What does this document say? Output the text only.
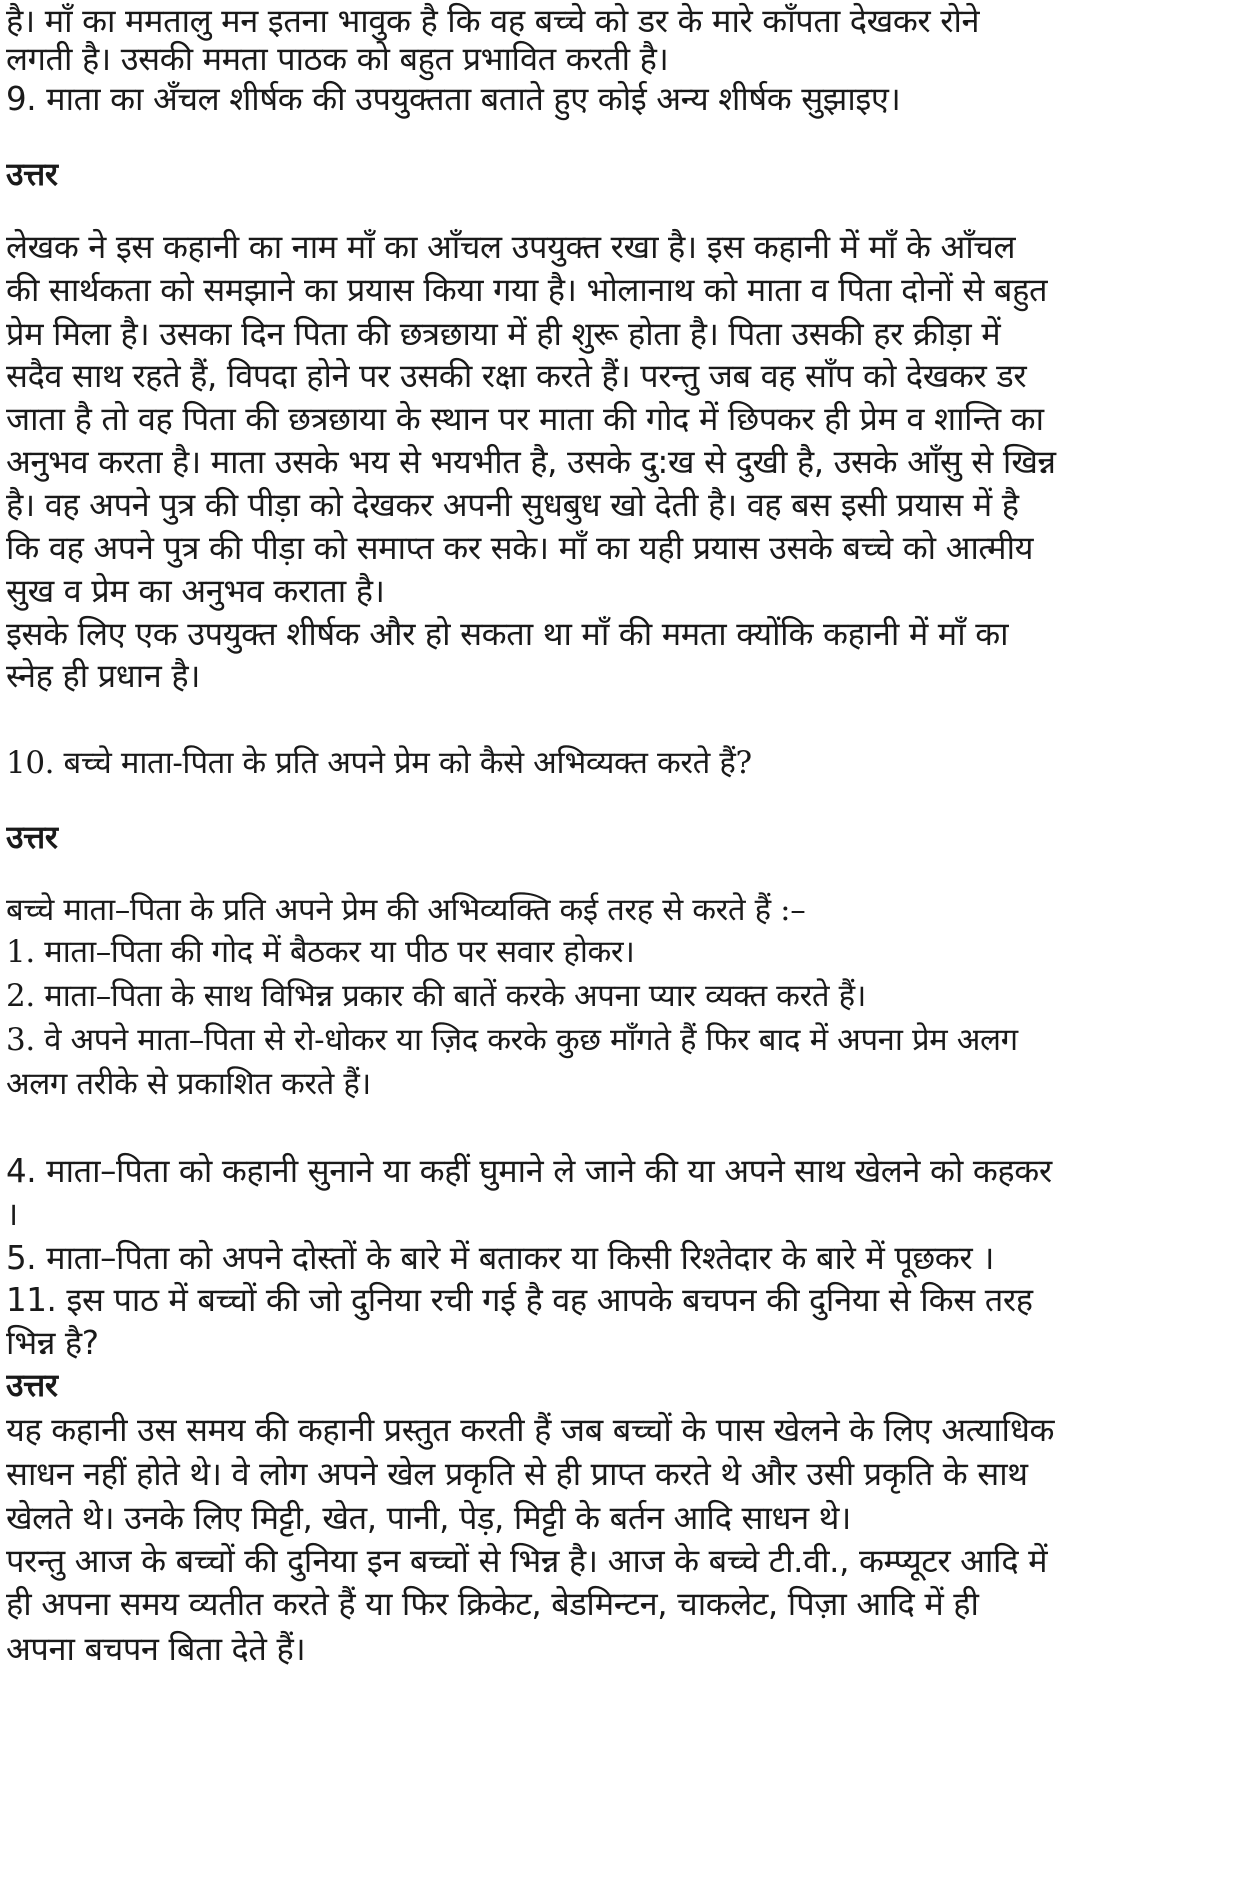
है। माँ का ममतालु मन इतना भावुक है कि वह बच्चे को डर के मारे काँपता देखकर रोने
लगती है। उसकी ममता पाठक को बहुत प्रभावित करती है।
9. माता का अँचल शीर्षक की उपयुक्तता बताते हुए कोई अन्य शीर्षक सुझाइए।
उत्तर
लेखक ने इस कहानी का नाम माँ का आँचल उपयुक्त रखा है। इस कहानी में माँ के आँचल
की सार्थकता को समझाने का प्रयास किया गया है। भोलानाथ को माता व पिता दोनों से बहुत
प्रेम मिला है। उसका दिन पिता की छत्रछाया में ही शुरू होता है। पिता उसकी हर क्रीड़ा में
सदैव साथ रहते हैं, विपदा होने पर उसकी रक्षा करते हैं। परन्तु जब वह साँप को देखकर डर
जाता है तो वह पिता की छत्रछाया के स्थान पर माता की गोद में छिपकर ही प्रेम व शान्ति का
अनुभव करता है। माता उसके भय से भयभीत है, उसके दु:ख से दुखी है, उसके आँसु से खिन्न
है। वह अपने पुत्र की पीड़ा को देखकर अपनी सुधबुध खो देती है। वह बस इसी प्रयास में है
कि वह अपने पुत्र की पीड़ा को समाप्त कर सके। माँ का यही प्रयास उसके बच्चे को आत्मीय
सुख व प्रेम का अनुभव कराता है।
इसके लिए एक उपयुक्त शीर्षक और हो सकता था माँ की ममता क्योंकि कहानी में माँ का
स्नेह ही प्रधान है।
10. बच्चे माता-पिता के प्रति अपने प्रेम को कैसे अभिव्यक्त करते हैं?
उत्तर
बच्चे माता–पिता के प्रति अपने प्रेम की अभिव्यक्ति कई तरह से करते हैं :–
1. माता–पिता की गोद में बैठकर या पीठ पर सवार होकर।
2. माता–पिता के साथ विभिन्न प्रकार की बातें करके अपना प्यार व्यक्त करते हैं।
3. वे अपने माता–पिता से रो-धोकर या ज़िद करके कुछ माँगते हैं फिर बाद में अपना प्रेम अलग
अलग तरीके से प्रकाशित करते हैं।
4. माता–पिता को कहानी सुनाने या कहीं घुमाने ले जाने की या अपने साथ खेलने को कहकर
।
5. माता–पिता को अपने दोस्तों के बारे में बताकर या किसी रिश्तेदार के बारे में पूछकर ।
11. इस पाठ में बच्चों की जो दुनिया रची गई है वह आपके बचपन की दुनिया से किस तरह
भिन्न है?
उत्तर
यह कहानी उस समय की कहानी प्रस्तुत करती हैं जब बच्चों के पास खेलने के लिए अत्याधिक
साधन नहीं होते थे। वे लोग अपने खेल प्रकृति से ही प्राप्त करते थे और उसी प्रकृति के साथ
खेलते थे। उनके लिए मिट्टी, खेत, पानी, पेड़, मिट्टी के बर्तन आदि साधन थे।
परन्तु आज के बच्चों की दुनिया इन बच्चों से भिन्न है। आज के बच्चे टी.वी., कम्प्यूटर आदि में
ही अपना समय व्यतीत करते हैं या फिर क्रिकेट, बेडमिन्टन, चाकलेट, पिज़ा आदि में ही
अपना बचपन बिता देते हैं।
